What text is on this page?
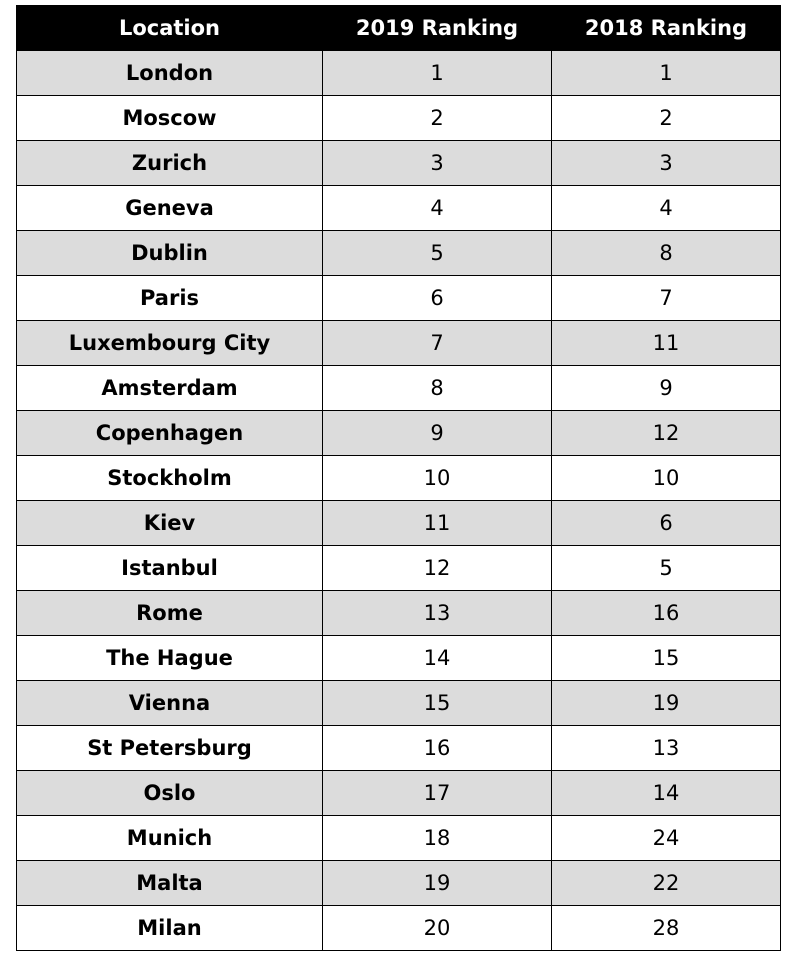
Location	2019 Ranking	2018 Ranking
London	1	1
Moscow	2	2
Zurich	3	3
Geneva	4	4
Dublin	5	8
Paris	6	7
Luxembourg City	7	11
Amsterdam	8	9
Copenhagen	9	12
Stockholm	10	10
Kiev	11	6
Istanbul	12	5
Rome	13	16
The Hague	14	15
Vienna	15	19
St Petersburg	16	13
Oslo	17	14
Munich	18	24
Malta	19	22
Milan	20	28
